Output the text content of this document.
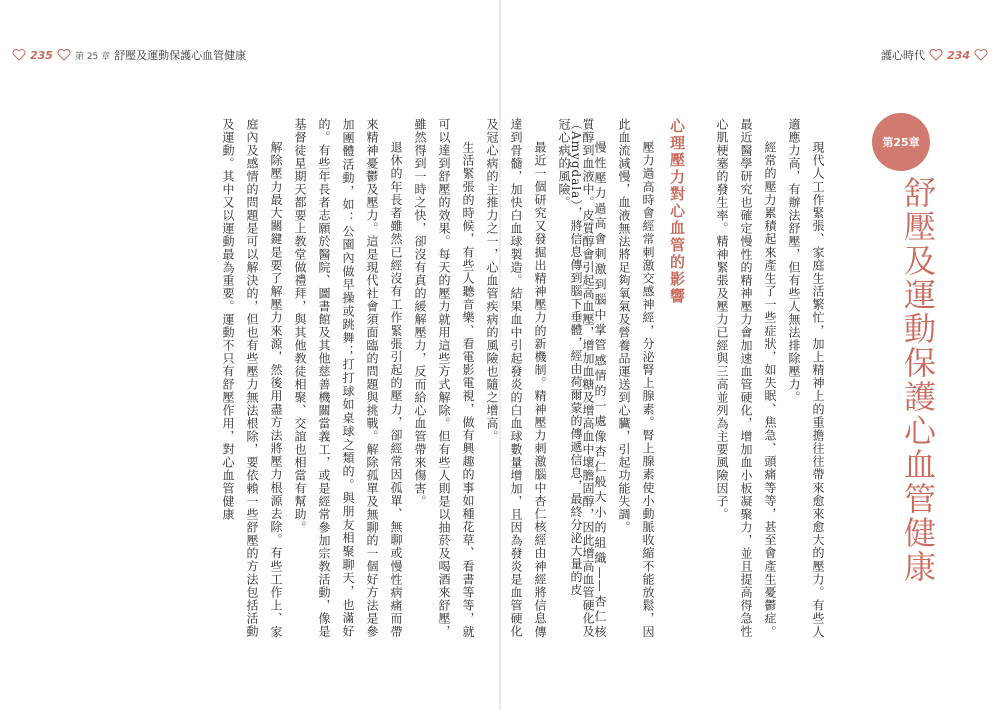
235 第 25 章 舒壓及運動保護心血管健康	護心時代 234
第25章
舒壓及運動保護心血管健康

現代人工作緊張、家庭生活繁忙，加上精神上的重擔往往帶來愈來愈大的壓力。有些人適應力高，有辦法舒壓，但有些人無法排除壓力。

經常的壓力累積起來產生了一些症狀，如失眠、焦急、頭痛等等，甚至會產生憂鬱症。最近醫學研究也確定慢性的精神壓力會加速血管硬化，增加血小板凝聚力，並且提高得急性心肌梗塞的發生率。精神緊張及壓力已經與三高並列為主要風險因子。

心理壓力對心血管的影響

壓力過高時會經常刺激交感神經，分泌腎上腺素。腎上腺素使小動脈收縮不能放鬆，因此血流減慢，血液無法將足夠氧氣及營養品運送到心臟，引起功能失調。

慢性壓力過高會刺激到腦中掌管感情的一處像杏仁般大小的組織——杏仁核（Amygdala），將信息傳到腦下垂體，經由荷爾蒙的傳遞信息，最終分泌大量的皮

質醇到血液中。皮質醇會引起高血壓，增加血糖及增高血中壞膽固醇，因此增高血管硬化及冠心病的風險。

最近一個研究又發掘出精神壓力的新機制。精神壓力刺激腦中杏仁核經由神經將信息傳達到骨髓，加快白血球製造。結果血中引起發炎的白血球數量增加，且因為發炎是血管硬化及冠心病的主推力之一，心血管疾病的風險也隨之增高。

生活緊張的時候，有些人聽音樂、看電影電視，做有興趣的事如種花草、看書等等，就可以達到舒壓的效果。每天的壓力就用這些方式解除。但有些人則是以抽菸及喝酒來舒壓，雖然得到一時之快，卻沒有真的緩解壓力，反而給心血管帶來傷害。

退休的年長者雖然已經沒有工作緊張引起的壓力，卻經常因孤單、無聊或慢性病痛而帶來精神憂鬱及壓力。這是現代社會須面臨的問題與挑戰。解除孤單及無聊的一個好方法是參加團體活動，如：公園內做早操或跳舞；打打球如桌球之類的。與朋友相聚聊天，也滿好的。有些年長者志願於醫院、圖書館及其他慈善機關當義工，或是經常參加宗教活動，像是基督徒星期天都要上教堂做禮拜，與其他教徒相聚、交誼也相當有幫助。

解除壓力最大關鍵是要了解壓力來源，然後用盡方法將壓力根源去除。有些工作上、家庭內及感情的問題是可以解決的，但也有些壓力無法根除，要依賴一些舒壓的方法包括活動及運動。其中又以運動最為重要。運動不只有舒壓作用，對心血管健康
